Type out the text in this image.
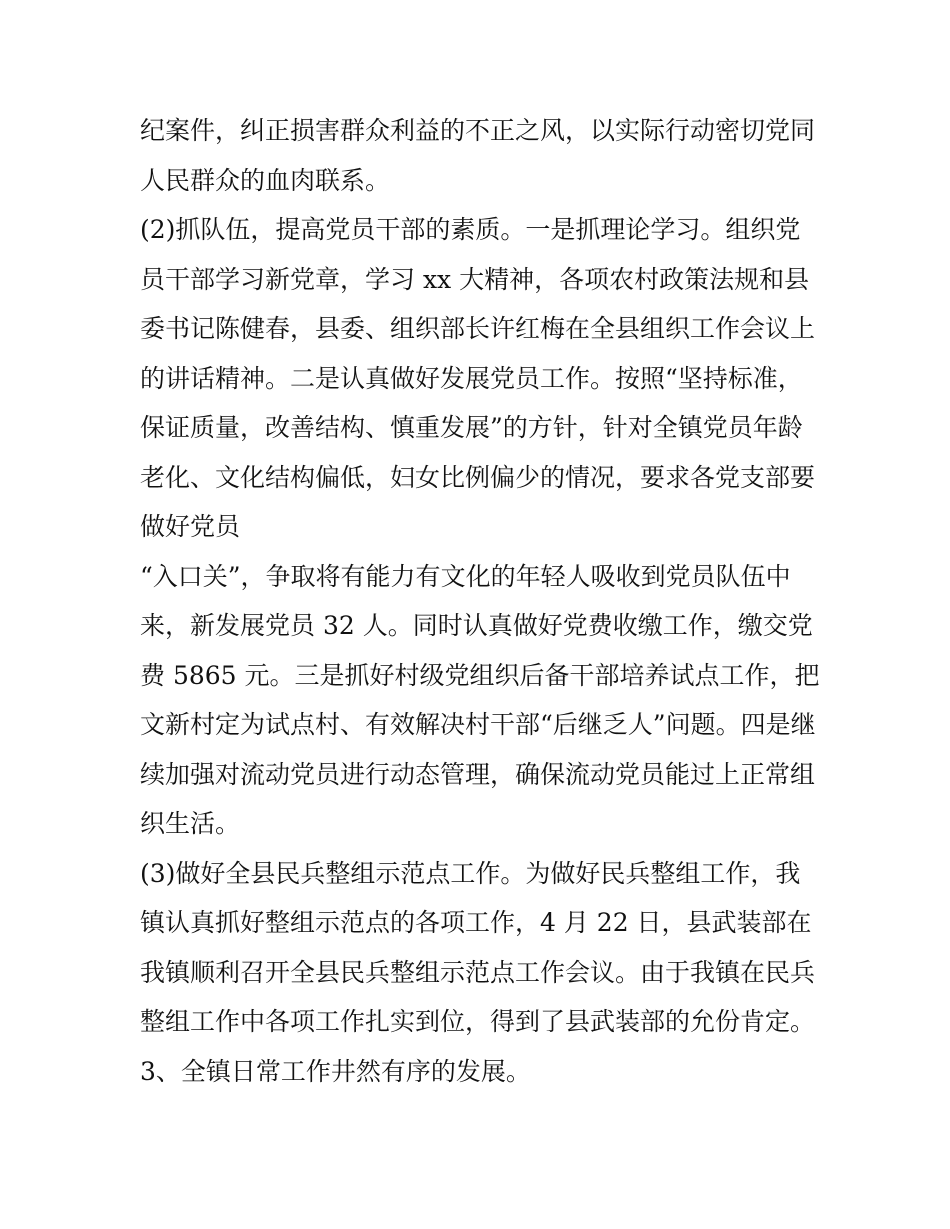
纪案件，纠正损害群众利益的不正之风，以实际行动密切党同
人民群众的血肉联系。
(2)抓队伍，提高党员干部的素质。一是抓理论学习。组织党
员干部学习新党章，学习 xx 大精神，各项农村政策法规和县
委书记陈健春，县委、组织部长许红梅在全县组织工作会议上
的讲话精神。二是认真做好发展党员工作。按照“坚持标准，
保证质量，改善结构、慎重发展”的方针，针对全镇党员年龄
老化、文化结构偏低，妇女比例偏少的情况，要求各党支部要
做好党员
“入口关”，争取将有能力有文化的年轻人吸收到党员队伍中
来，新发展党员 32 人。同时认真做好党费收缴工作，缴交党
费 5865 元。三是抓好村级党组织后备干部培养试点工作，把
文新村定为试点村、有效解决村干部“后继乏人”问题。四是继
续加强对流动党员进行动态管理，确保流动党员能过上正常组
织生活。
(3)做好全县民兵整组示范点工作。为做好民兵整组工作，我
镇认真抓好整组示范点的各项工作，4 月 22 日，县武装部在
我镇顺利召开全县民兵整组示范点工作会议。由于我镇在民兵
整组工作中各项工作扎实到位，得到了县武装部的允份肯定。
3、全镇日常工作井然有序的发展。
